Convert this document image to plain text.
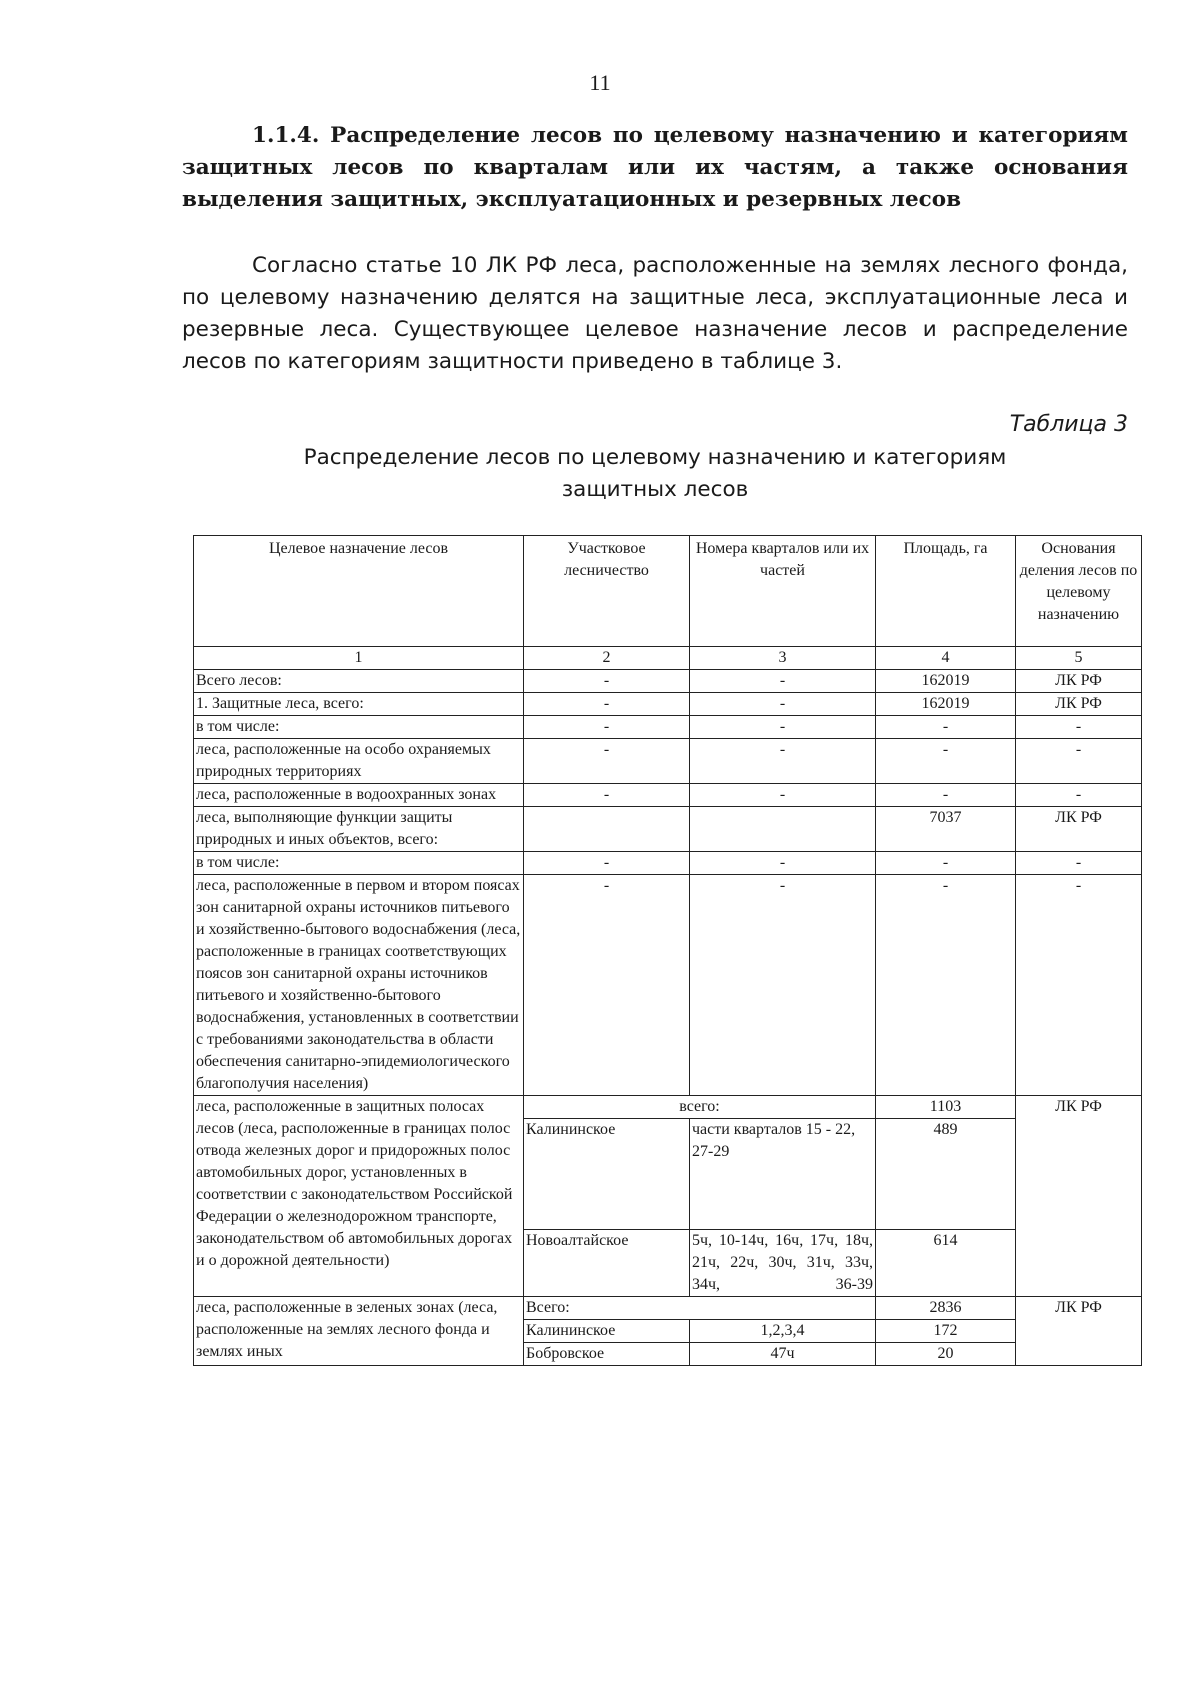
11

1.1.4. Распределение лесов по целевому назначению и категориям защитных лесов по кварталам или их частям, а также основания выделения защитных, эксплуатационных и резервных лесов

Согласно статье 10 ЛК РФ леса, расположенные на землях лесного фонда, по целевому назначению делятся на защитные леса, эксплуатационные леса и резервные леса. Существующее целевое назначение лесов и распределение лесов по категориям защитности приведено в таблице 3.

Таблица 3
Распределение лесов по целевому назначению и категориям
защитных лесов
Целевое назначение лесов	Участковое лесничество	Номера кварталов или их частей	Площадь, га	Основания деления лесов по целевому назначению
1	2	3	4	5
Всего лесов:	-	-	162019	ЛК РФ
1. Защитные леса, всего:	-	-	162019	ЛК РФ
в том числе:	-	-	-	-
леса, расположенные на особо охраняемых природных территориях	-	-	-	-
леса, расположенные в водоохранных зонах	-	-	-	-
леса, выполняющие функции защиты природных и иных объектов, всего:			7037	ЛК РФ
в том числе:	-	-	-	-
леса, расположенные в первом и втором поясах зон санитарной охраны источников питьевого и хозяйственно-бытового водоснабжения (леса, расположенные в границах соответствующих поясов зон санитарной охраны источников питьевого и хозяйственно-бытового водоснабжения, установленных в соответствии с требованиями законодательства в области обеспечения санитарно-эпидемиологического благополучия населения)	-	-	-	-
леса, расположенные в защитных полосах лесов (леса, расположенные в границах полос отвода железных дорог и придорожных полос автомобильных дорог, установленных в соответствии с законодательством Российской Федерации о железнодорожном транспорте, законодательством об автомобильных дорогах и о дорожной деятельности)	всего:		1103	ЛК РФ
	Калининское	части кварталов 15 - 22, 27-29	489	
	Новоалтайское	5ч, 10-14ч, 16ч, 17ч, 18ч, 21ч, 22ч, 30ч, 31ч, 33ч, 34ч, 36-39	614	
леса, расположенные в зеленых зонах (леса, расположенные на землях лесного фонда и землях иных	Всего:		2836	ЛК РФ
	Калининское	1,2,3,4	172	
	Бобровское	47ч	20	
